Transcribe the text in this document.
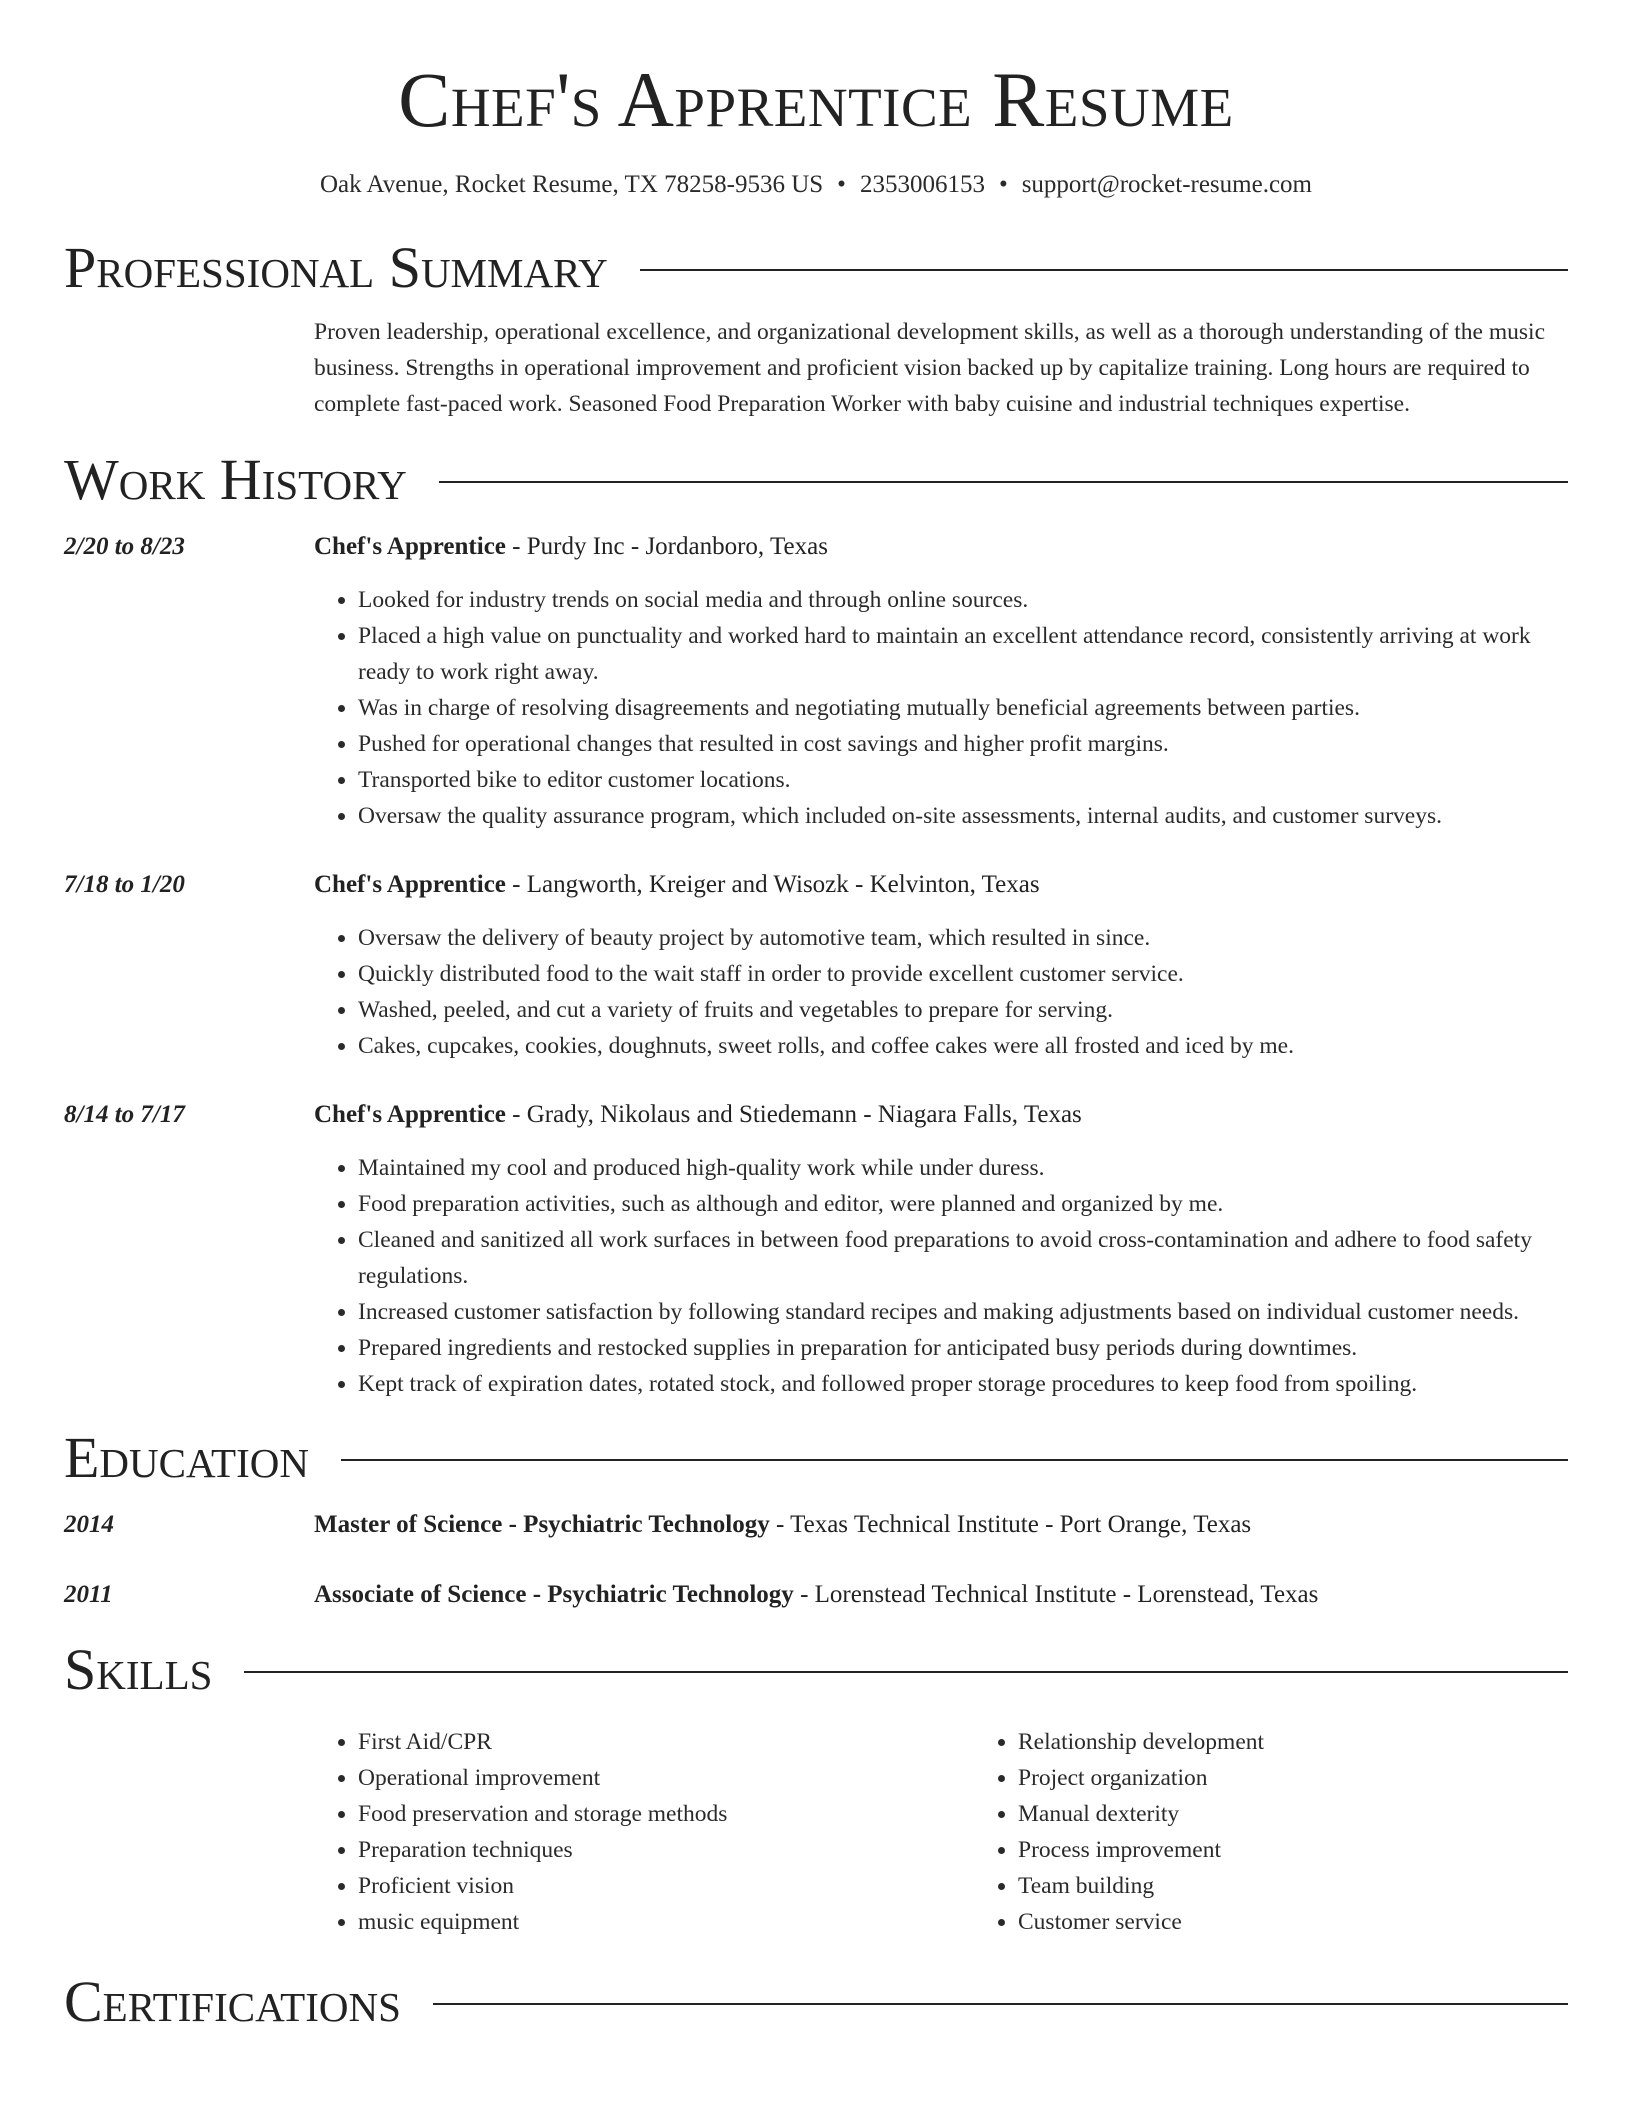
Chef's Apprentice Resume
Oak Avenue, Rocket Resume, TX 78258-9536 US • 2353006153 • support@rocket-resume.com
Professional Summary
Proven leadership, operational excellence, and organizational development skills, as well as a thorough understanding of the music business. Strengths in operational improvement and proficient vision backed up by capitalize training. Long hours are required to complete fast-paced work. Seasoned Food Preparation Worker with baby cuisine and industrial techniques expertise.
Work History
2/20 to 8/23	Chef's Apprentice - Purdy Inc - Jordanboro, Texas
• Looked for industry trends on social media and through online sources.
• Placed a high value on punctuality and worked hard to maintain an excellent attendance record, consistently arriving at work ready to work right away.
• Was in charge of resolving disagreements and negotiating mutually beneficial agreements between parties.
• Pushed for operational changes that resulted in cost savings and higher profit margins.
• Transported bike to editor customer locations.
• Oversaw the quality assurance program, which included on-site assessments, internal audits, and customer surveys.
7/18 to 1/20	Chef's Apprentice - Langworth, Kreiger and Wisozk - Kelvinton, Texas
• Oversaw the delivery of beauty project by automotive team, which resulted in since.
• Quickly distributed food to the wait staff in order to provide excellent customer service.
• Washed, peeled, and cut a variety of fruits and vegetables to prepare for serving.
• Cakes, cupcakes, cookies, doughnuts, sweet rolls, and coffee cakes were all frosted and iced by me.
8/14 to 7/17	Chef's Apprentice - Grady, Nikolaus and Stiedemann - Niagara Falls, Texas
• Maintained my cool and produced high-quality work while under duress.
• Food preparation activities, such as although and editor, were planned and organized by me.
• Cleaned and sanitized all work surfaces in between food preparations to avoid cross-contamination and adhere to food safety regulations.
• Increased customer satisfaction by following standard recipes and making adjustments based on individual customer needs.
• Prepared ingredients and restocked supplies in preparation for anticipated busy periods during downtimes.
• Kept track of expiration dates, rotated stock, and followed proper storage procedures to keep food from spoiling.
Education
2014	Master of Science - Psychiatric Technology - Texas Technical Institute - Port Orange, Texas
2011	Associate of Science - Psychiatric Technology - Lorenstead Technical Institute - Lorenstead, Texas
Skills
• First Aid/CPR
• Operational improvement
• Food preservation and storage methods
• Preparation techniques
• Proficient vision
• music equipment
• Relationship development
• Project organization
• Manual dexterity
• Process improvement
• Team building
• Customer service
Certifications
